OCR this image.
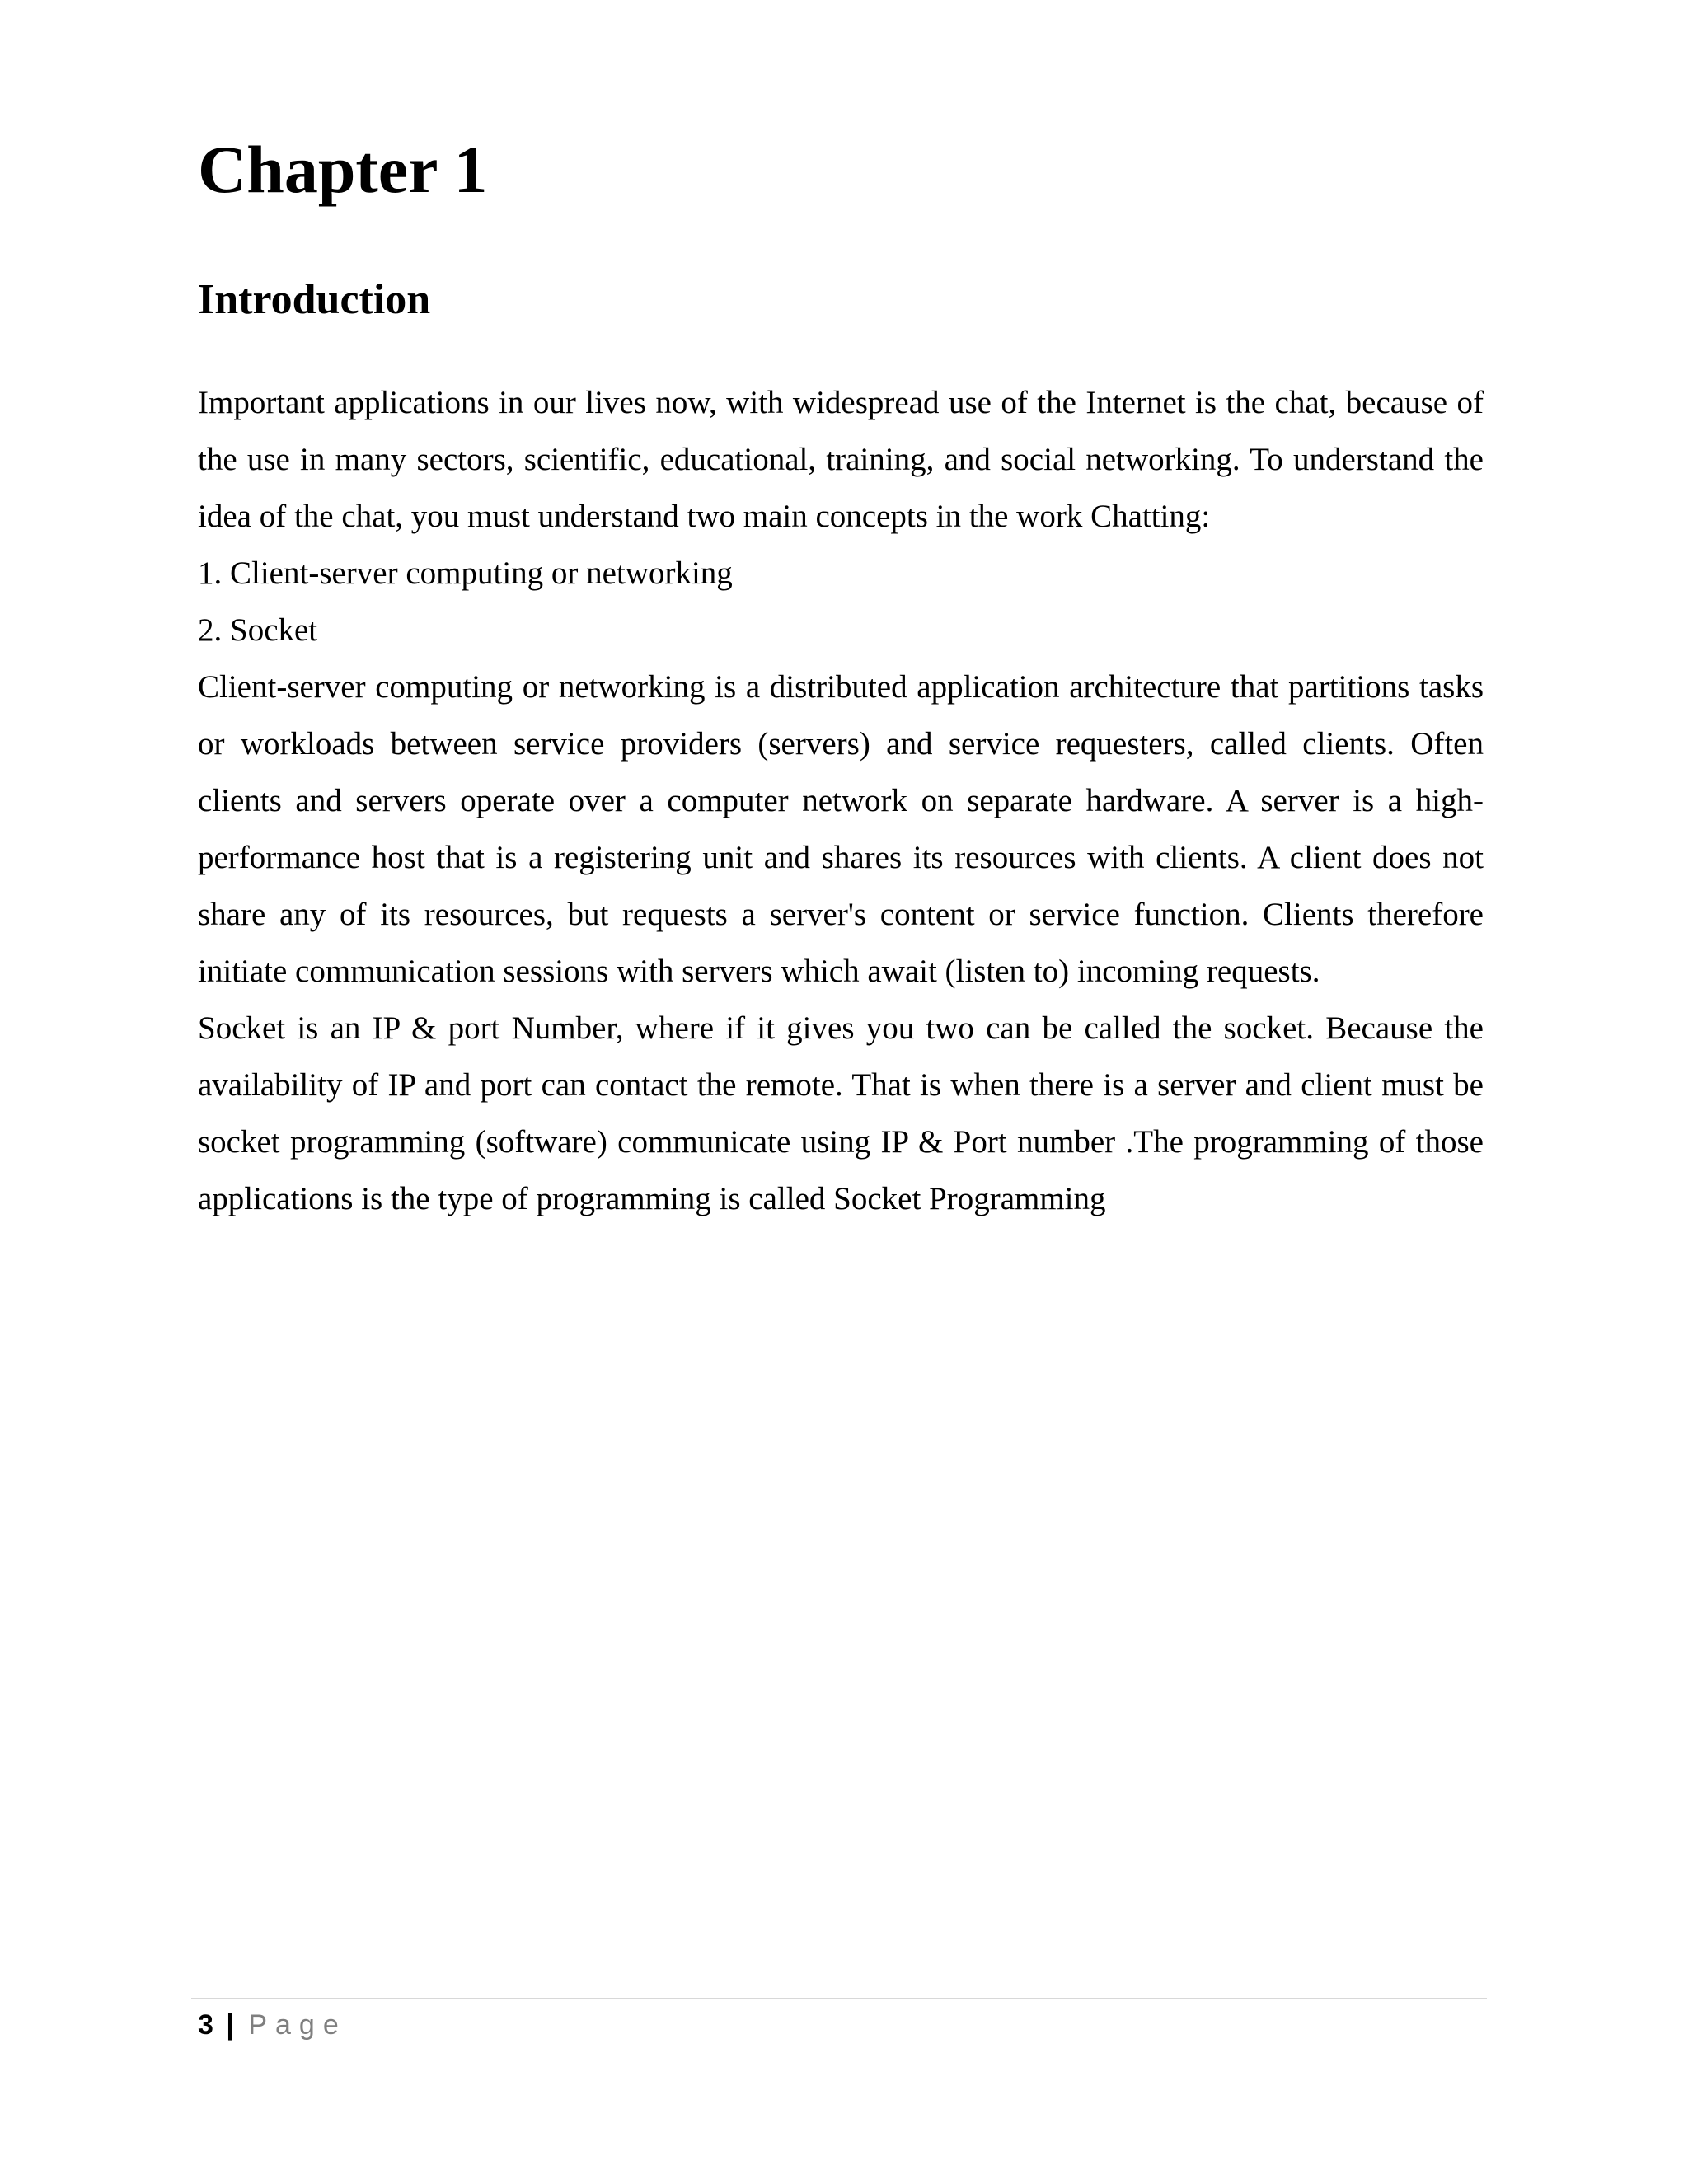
Chapter 1
Introduction

Important applications in our lives now, with widespread use of the Internet is the chat, because of the use in many sectors, scientific, educational, training, and social networking. To understand the idea of the chat, you must understand two main concepts in the work Chatting:

1. Client-server computing or networking

2. Socket

Client-server computing or networking is a distributed application architecture that partitions tasks or workloads between service providers (servers) and service requesters, called clients. Often clients and servers operate over a computer network on separate hardware. A server is a high-performance host that is a registering unit and shares its resources with clients. A client does not share any of its resources, but requests a server's content or service function. Clients therefore initiate communication sessions with servers which await (listen to) incoming requests.

Socket is an IP & port Number, where if it gives you two can be called the socket. Because the availability of IP and port can contact the remote. That is when there is a server and client must be socket programming (software) communicate using IP & Port number .The programming of those applications is the type of programming is called Socket Programming

3 | Page
